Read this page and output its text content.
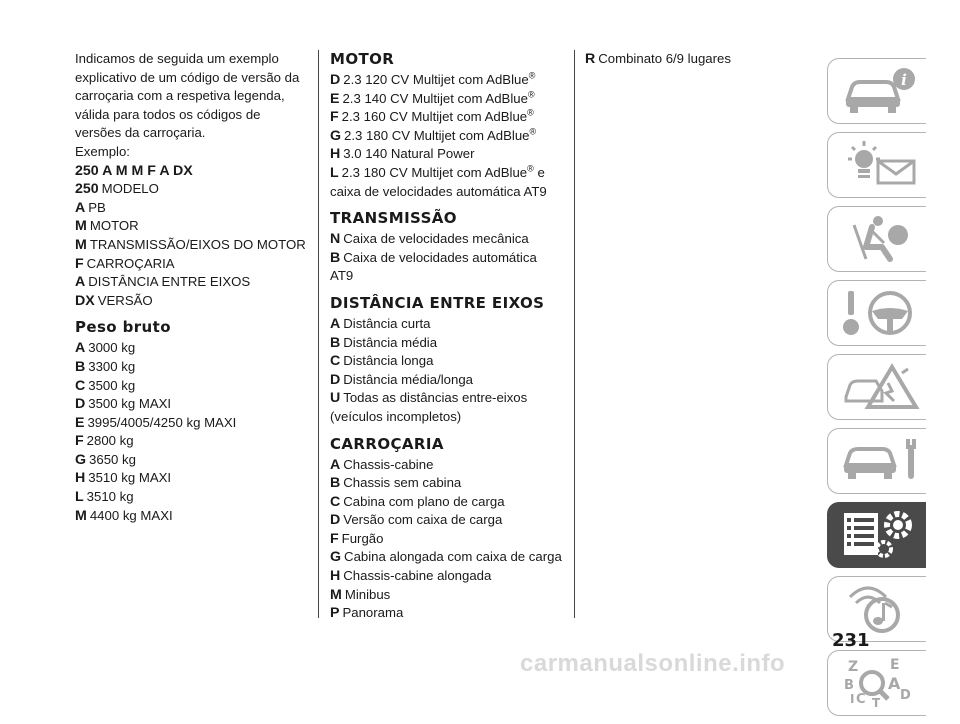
Indicamos de seguida um exemplo explicativo de um código de versão da carroçaria com a respetiva legenda, válida para todos os códigos de versões da carroçaria.

Exemplo:

250 A M M F A DX

250 MODELO

A PB

M MOTOR

M TRANSMISSÃO/EIXOS DO MOTOR

F CARROÇARIA

A DISTÂNCIA ENTRE EIXOS

DX VERSÃO

Peso bruto

A 3000 kg

B 3300 kg

C 3500 kg

D 3500 kg MAXI

E 3995/4005/4250 kg MAXI

F 2800 kg

G 3650 kg

H 3510 kg MAXI

L 3510 kg

M 4400 kg MAXI

MOTOR

D 2.3 120 CV Multijet com AdBlue®

E 2.3 140 CV Multijet com AdBlue®

F 2.3 160 CV Multijet com AdBlue®

G 2.3 180 CV Multijet com AdBlue®

H 3.0 140 Natural Power

L 2.3 180 CV Multijet com AdBlue® e caixa de velocidades automática AT9

TRANSMISSÃO

N Caixa de velocidades mecânica

B Caixa de velocidades automática AT9

DISTÂNCIA ENTRE EIXOS

A Distância curta

B Distância média

C Distância longa

D Distância média/longa

U Todas as distâncias entre-eixos (veículos incompletos)

CARROÇARIA

A Chassis-cabine

B Chassis sem cabina

C Cabina com plano de carga

D Versão com caixa de carga

F Furgão

G Cabina alongada com caixa de carga

H Chassis-cabine alongada

M Minibus

P Panorama

R Combinato 6/9 lugares

i
Z E
B A
C T D
I
231
carmanualsonline.info
